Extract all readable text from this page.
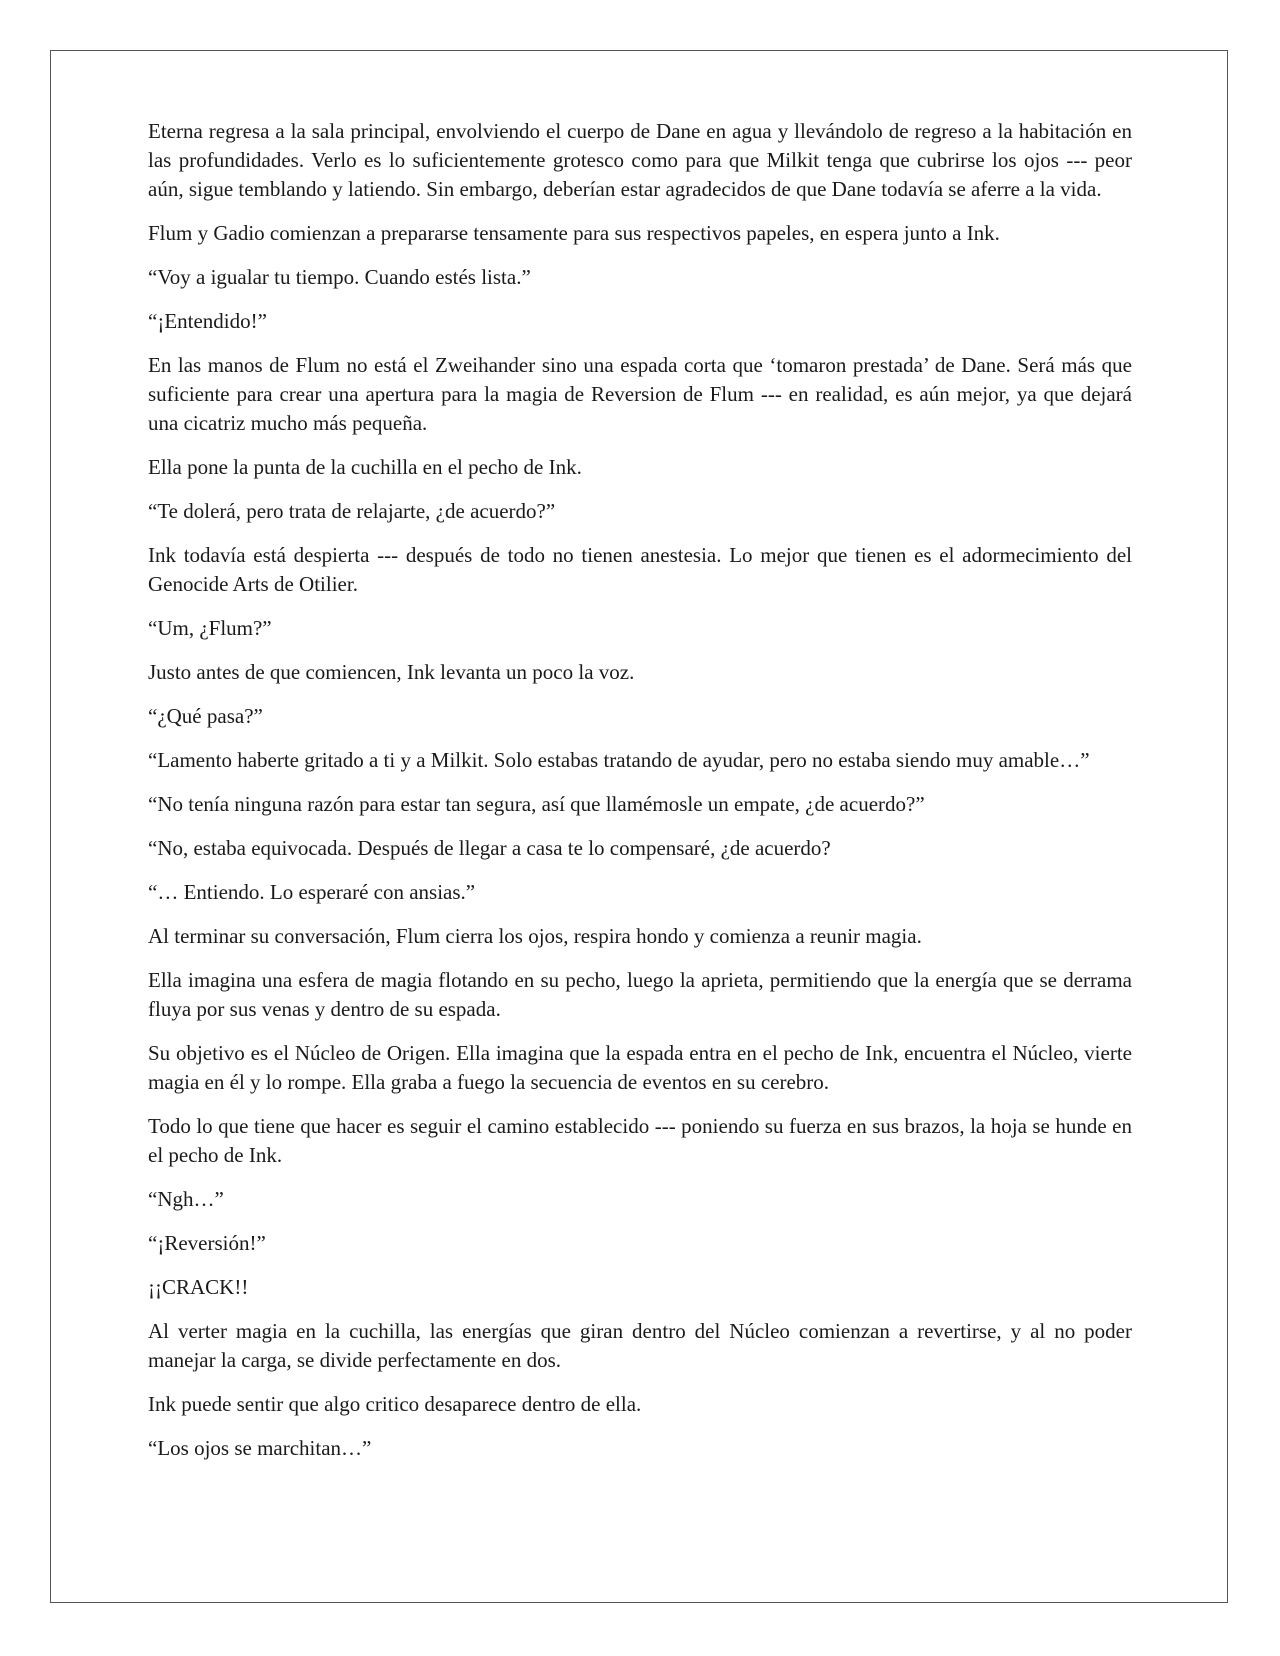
Eterna regresa a la sala principal, envolviendo el cuerpo de Dane en agua y llevándolo de regreso a la habitación en las profundidades. Verlo es lo suficientemente grotesco como para que Milkit tenga que cubrirse los ojos --- peor aún, sigue temblando y latiendo. Sin embargo, deberían estar agradecidos de que Dane todavía se aferre a la vida.

Flum y Gadio comienzan a prepararse tensamente para sus respectivos papeles, en espera junto a Ink.

“Voy a igualar tu tiempo. Cuando estés lista.”

“¡Entendido!”

En las manos de Flum no está el Zweihander sino una espada corta que ‘tomaron prestada’ de Dane. Será más que suficiente para crear una apertura para la magia de Reversion de Flum --- en realidad, es aún mejor, ya que dejará una cicatriz mucho más pequeña.

Ella pone la punta de la cuchilla en el pecho de Ink.

“Te dolerá, pero trata de relajarte, ¿de acuerdo?”

Ink todavía está despierta --- después de todo no tienen anestesia. Lo mejor que tienen es el adormecimiento del Genocide Arts de Otilier.

“Um, ¿Flum?”

Justo antes de que comiencen, Ink levanta un poco la voz.

“¿Qué pasa?”

“Lamento haberte gritado a ti y a Milkit. Solo estabas tratando de ayudar, pero no estaba siendo muy amable…”

“No tenía ninguna razón para estar tan segura, así que llamémosle un empate, ¿de acuerdo?”

“No, estaba equivocada. Después de llegar a casa te lo compensaré, ¿de acuerdo?

“… Entiendo. Lo esperaré con ansias.”

Al terminar su conversación, Flum cierra los ojos, respira hondo y comienza a reunir magia.

Ella imagina una esfera de magia flotando en su pecho, luego la aprieta, permitiendo que la energía que se derrama fluya por sus venas y dentro de su espada.

Su objetivo es el Núcleo de Origen. Ella imagina que la espada entra en el pecho de Ink, encuentra el Núcleo, vierte magia en él y lo rompe. Ella graba a fuego la secuencia de eventos en su cerebro.

Todo lo que tiene que hacer es seguir el camino establecido --- poniendo su fuerza en sus brazos, la hoja se hunde en el pecho de Ink.

“Ngh…”

“¡Reversión!”

¡¡CRACK!!

Al verter magia en la cuchilla, las energías que giran dentro del Núcleo comienzan a revertirse, y al no poder manejar la carga, se divide perfectamente en dos.

Ink puede sentir que algo critico desaparece dentro de ella.

“Los ojos se marchitan…”
